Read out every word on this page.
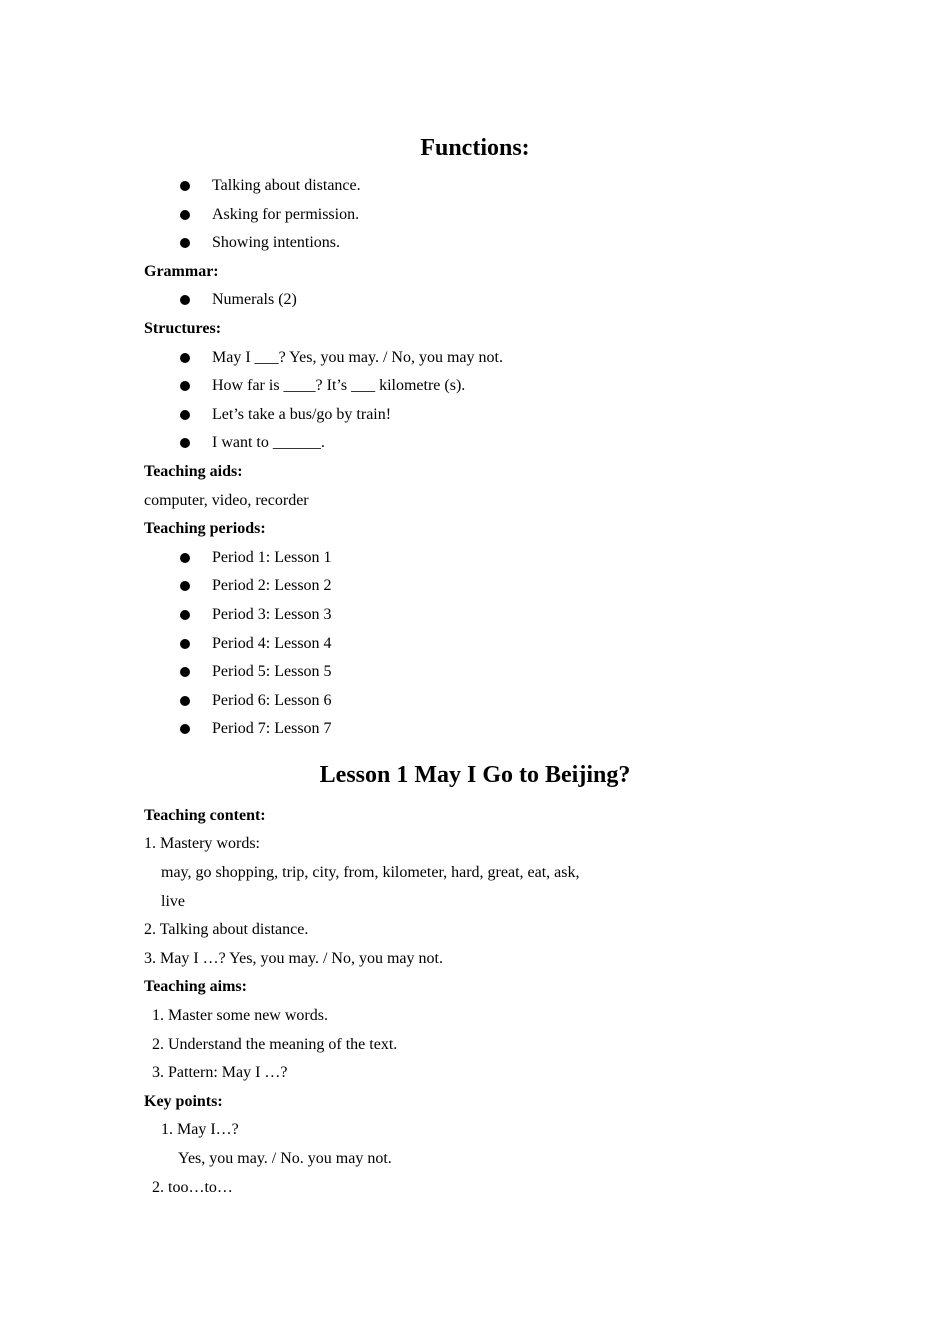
Functions:
Talking about distance.
Asking for permission.
Showing intentions.
Grammar:
Numerals (2)
Structures:
May I ___? Yes, you may. / No, you may not.
How far is ____? It’s ___ kilometre (s).
Let’s take a bus/go by train!
I want to ______.
Teaching aids:
computer, video, recorder
Teaching periods:
Period 1: Lesson 1
Period 2: Lesson 2
Period 3: Lesson 3
Period 4: Lesson 4
Period 5: Lesson 5
Period 6: Lesson 6
Period 7: Lesson 7
Lesson 1 May I Go to Beijing?
Teaching content:
1. Mastery words:
may, go shopping, trip, city, from, kilometer, hard, great, eat, ask,
live
2. Talking about distance.
3. May I …? Yes, you may. / No, you may not.
Teaching aims:
1. Master some new words.
2. Understand the meaning of the text.
3. Pattern: May I …?
Key points:
1. May I…?
Yes, you may. / No. you may not.
2. too…to…
